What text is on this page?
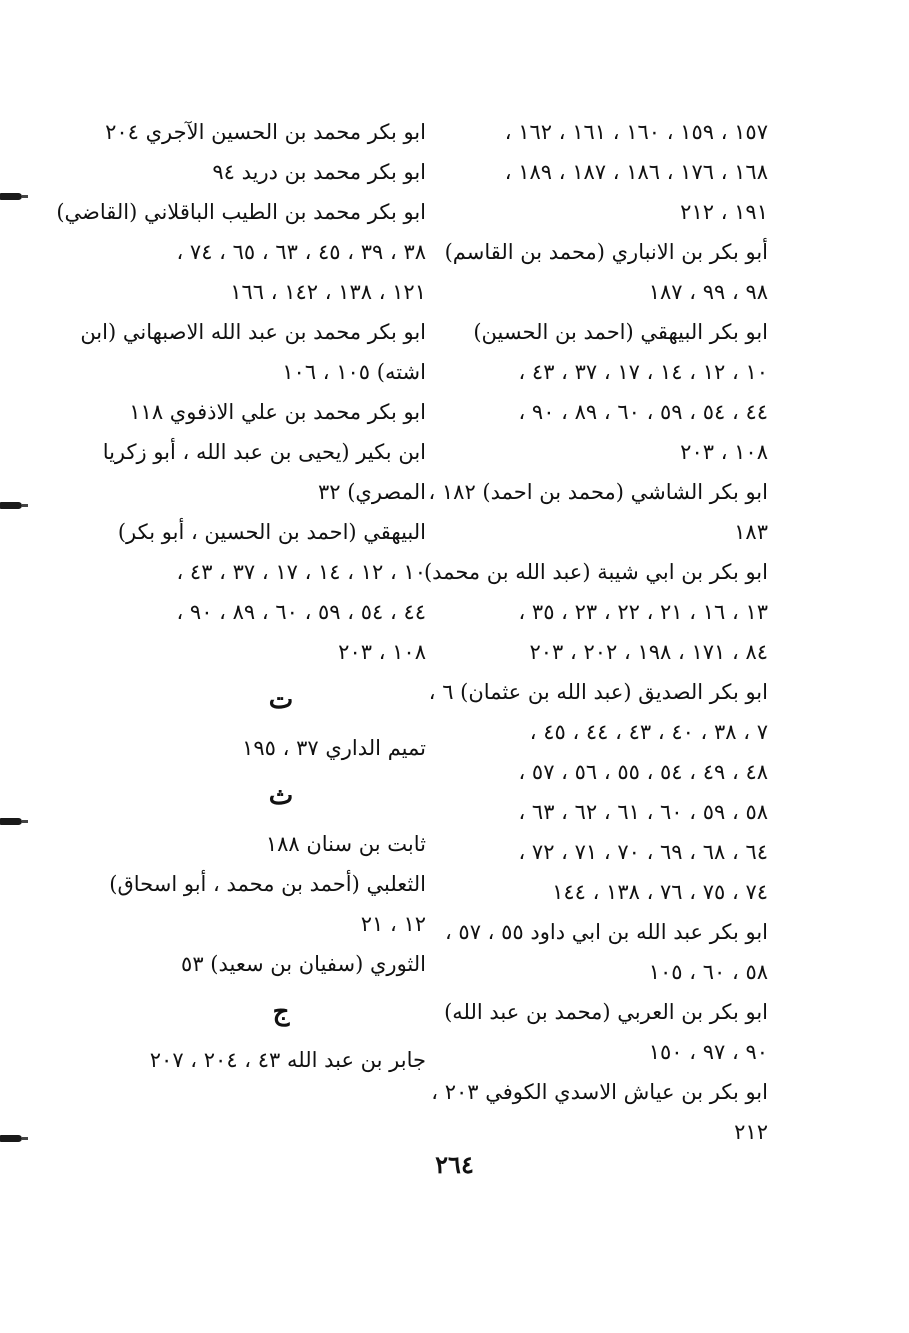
١٥٧ ، ١٥٩ ، ١٦٠ ، ١٦١ ، ١٦٢ ،
١٦٨ ، ١٧٦ ، ١٨٦ ، ١٨٧ ، ١٨٩ ،
١٩١ ، ٢١٢
أبو بكر بن الانباري (محمد بن القاسم)
٩٨ ، ٩٩ ، ١٨٧
ابو بكر البيهقي (احمد بن الحسين)
١٠ ، ١٢ ، ١٤ ، ١٧ ، ٣٧ ، ٤٣ ،
٤٤ ، ٥٤ ، ٥٩ ، ٦٠ ، ٨٩ ، ٩٠ ،
١٠٨ ، ٢٠٣
ابو بكر الشاشي (محمد بن احمد) ١٨٢ ،
١٨٣
ابو بكر بن ابي شيبة (عبد الله بن محمد)
١٣ ، ١٦ ، ٢١ ، ٢٢ ، ٢٣ ، ٣٥ ،
٨٤ ، ١٧١ ، ١٩٨ ، ٢٠٢ ، ٢٠٣
ابو بكر الصديق (عبد الله بن عثمان) ٦ ،
٧ ، ٣٨ ، ٤٠ ، ٤٣ ، ٤٤ ، ٤٥ ،
٤٨ ، ٤٩ ، ٥٤ ، ٥٥ ، ٥٦ ، ٥٧ ،
٥٨ ، ٥٩ ، ٦٠ ، ٦١ ، ٦٢ ، ٦٣ ،
٦٤ ، ٦٨ ، ٦٩ ، ٧٠ ، ٧١ ، ٧٢ ،
٧٤ ، ٧٥ ، ٧٦ ، ١٣٨ ، ١٤٤
ابو بكر عبد الله بن ابي داود ٥٥ ، ٥٧ ،
٥٨ ، ٦٠ ، ١٠٥
ابو بكر بن العربي (محمد بن عبد الله)
٩٠ ، ٩٧ ، ١٥٠
ابو بكر بن عياش الاسدي الكوفي ٢٠٣ ،
٢١٢
ابو بكر محمد بن الحسين الآجري ٢٠٤
ابو بكر محمد بن دريد ٩٤
ابو بكر محمد بن الطيب الباقلاني (القاضي)
٣٨ ، ٣٩ ، ٤٥ ، ٦٣ ، ٦٥ ، ٧٤ ،
١٢١ ، ١٣٨ ، ١٤٢ ، ١٦٦
ابو بكر محمد بن عبد الله الاصبهاني (ابن
اشته) ١٠٥ ، ١٠٦
ابو بكر محمد بن علي الاذفوي ١١٨
ابن بكير (يحيى بن عبد الله ، أبو زكريا
المصري) ٣٢
البيهقي (احمد بن الحسين ، أبو بكر)
١٠ ، ١٢ ، ١٤ ، ١٧ ، ٣٧ ، ٤٣ ،
٤٤ ، ٥٤ ، ٥٩ ، ٦٠ ، ٨٩ ، ٩٠ ،
١٠٨ ، ٢٠٣
ت
تميم الداري ٣٧ ، ١٩٥
ث
ثابت بن سنان ١٨٨
الثعلبي (أحمد بن محمد ، أبو اسحاق)
١٢ ، ٢١
الثوري (سفيان بن سعيد) ٥٣
ج
جابر بن عبد الله ٤٣ ، ٢٠٤ ، ٢٠٧
٢٦٤
